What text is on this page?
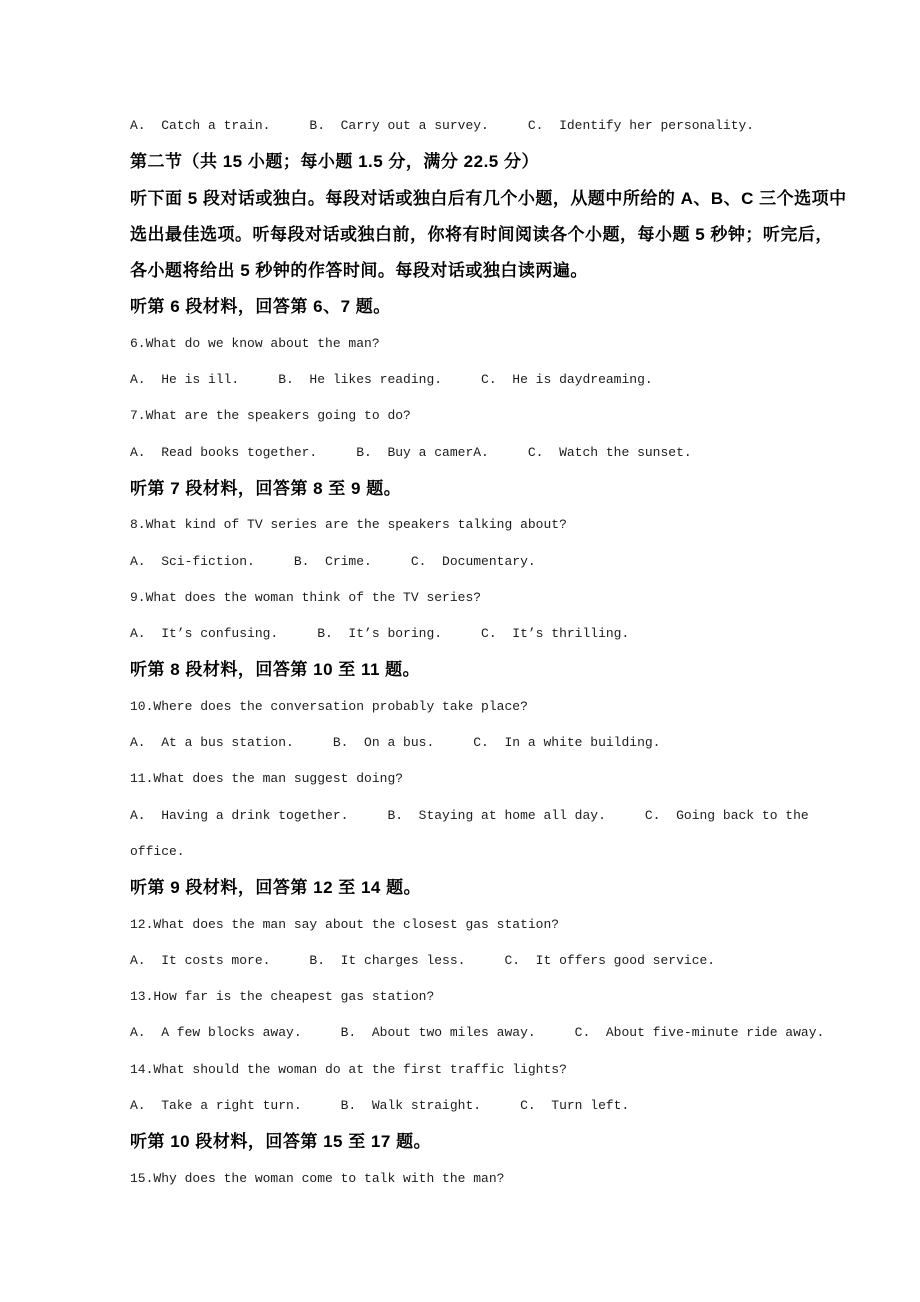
A.  Catch a train.     B.  Carry out a survey.     C.  Identify her personality.
第二节（共 15 小题；每小题 1.5 分，满分 22.5 分）
听下面 5 段对话或独白。每段对话或独白后有几个小题，从题中所给的 A、B、C 三个选项中
选出最佳选项。听每段对话或独白前，你将有时间阅读各个小题，每小题 5 秒钟；听完后，
各小题将给出 5 秒钟的作答时间。每段对话或独白读两遍。
听第 6 段材料，回答第 6、7 题。
6.What do we know about the man?
A.  He is ill.     B.  He likes reading.     C.  He is daydreaming.
7.What are the speakers going to do?
A.  Read books together.     B.  Buy a camerA.     C.  Watch the sunset.
听第 7 段材料，回答第 8 至 9 题。
8.What kind of TV series are the speakers talking about?
A.  Sci-fiction.     B.  Crime.     C.  Documentary.
9.What does the woman think of the TV series?
A.  It’s confusing.     B.  It’s boring.     C.  It’s thrilling.
听第 8 段材料，回答第 10 至 11 题。
10.Where does the conversation probably take place?
A.  At a bus station.     B.  On a bus.     C.  In a white building.
11.What does the man suggest doing?
A.  Having a drink together.     B.  Staying at home all day.     C.  Going back to the
office.
听第 9 段材料，回答第 12 至 14 题。
12.What does the man say about the closest gas station?
A.  It costs more.     B.  It charges less.     C.  It offers good service.
13.How far is the cheapest gas station?
A.  A few blocks away.     B.  About two miles away.     C.  About five-minute ride away.
14.What should the woman do at the first traffic lights?
A.  Take a right turn.     B.  Walk straight.     C.  Turn left.
听第 10 段材料，回答第 15 至 17 题。
15.Why does the woman come to talk with the man?
